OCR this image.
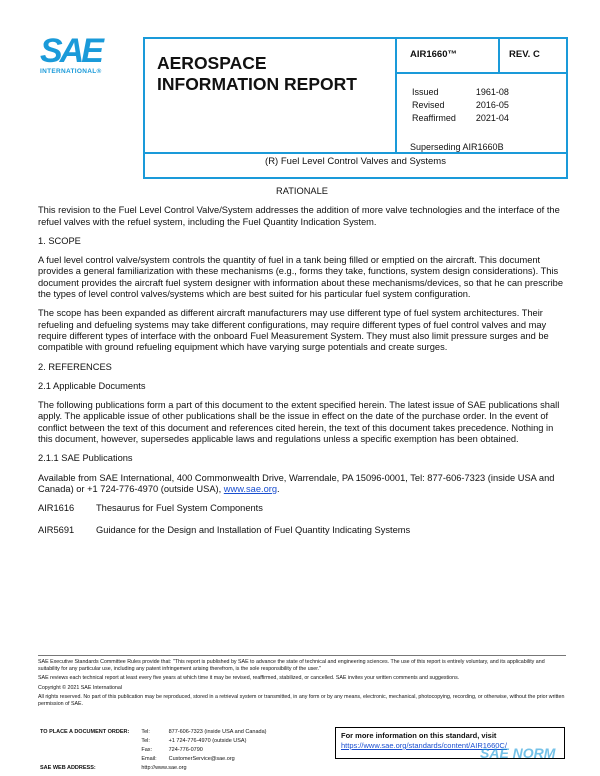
SAE
INTERNATIONAL®	AEROSPACE
INFORMATION REPORT
AIR1660™	REV. C
Issued	1961-08
Revised	2016-05
Reaffirmed	2021-04
Superseding AIR1660B
(R) Fuel Level Control Valves and Systems

RATIONALE

This revision to the Fuel Level Control Valve/System addresses the addition of more valve technologies and the interface of the refuel valves with the refuel system, including the Fuel Quantity Indication System.

1. SCOPE

A fuel level control valve/system controls the quantity of fuel in a tank being filled or emptied on the aircraft. This document provides a general familiarization with these mechanisms (e.g., forms they take, functions, system design considerations). This document provides the aircraft fuel system designer with information about these mechanisms/devices, so that he can prescribe the types of level control valves/systems which are best suited for his particular fuel system configuration.

The scope has been expanded as different aircraft manufacturers may use different type of fuel system architectures. Their refueling and defueling systems may take different configurations, may require different types of fuel control valves and may require different types of interface with the onboard Fuel Measurement System. They must also limit pressure surges and be compatible with ground refueling equipment which have varying surge potentials and create surges.

2. REFERENCES

2.1 Applicable Documents

The following publications form a part of this document to the extent specified herein. The latest issue of SAE publications shall apply. The applicable issue of other publications shall be the issue in effect on the date of the purchase order. In the event of conflict between the text of this document and references cited herein, the text of this document takes precedence. Nothing in this document, however, supersedes applicable laws and regulations unless a specific exemption has been obtained.

2.1.1 SAE Publications

Available from SAE International, 400 Commonwealth Drive, Warrendale, PA 15096-0001, Tel: 877-606-7323 (inside USA and Canada) or +1 724-776-4970 (outside USA), www.sae.org.

AIR1616	Thesaurus for Fuel System Components
AIR5691	Guidance for the Design and Installation of Fuel Quantity Indicating Systems

SAE Executive Standards Committee Rules provide that: "This report is published by SAE to advance the state of technical and engineering sciences. The use of this report is entirely voluntary, and its applicability and suitability for any particular use, including any patent infringement arising therefrom, is the sole responsibility of the user."

SAE reviews each technical report at least every five years at which time it may be revised, reaffirmed, stabilized, or cancelled. SAE invites your written comments and suggestions.

Copyright © 2021 SAE International

All rights reserved. No part of this publication may be reproduced, stored in a retrieval system or transmitted, in any form or by any means, electronic, mechanical, photocopying, recording, or otherwise, without the prior written permission of SAE.

TO PLACE A DOCUMENT ORDER:	Tel:	877-606-7323 (inside USA and Canada)
	Tel:	+1 724-776-4970 (outside USA)
	Fax:	724-776-0790
	Email:	CustomerService@sae.org
SAE WEB ADDRESS:	http://www.sae.org	
For more information on this standard, visit
https://www.sae.org/standards/content/AIR1660C/
SAE NORM
